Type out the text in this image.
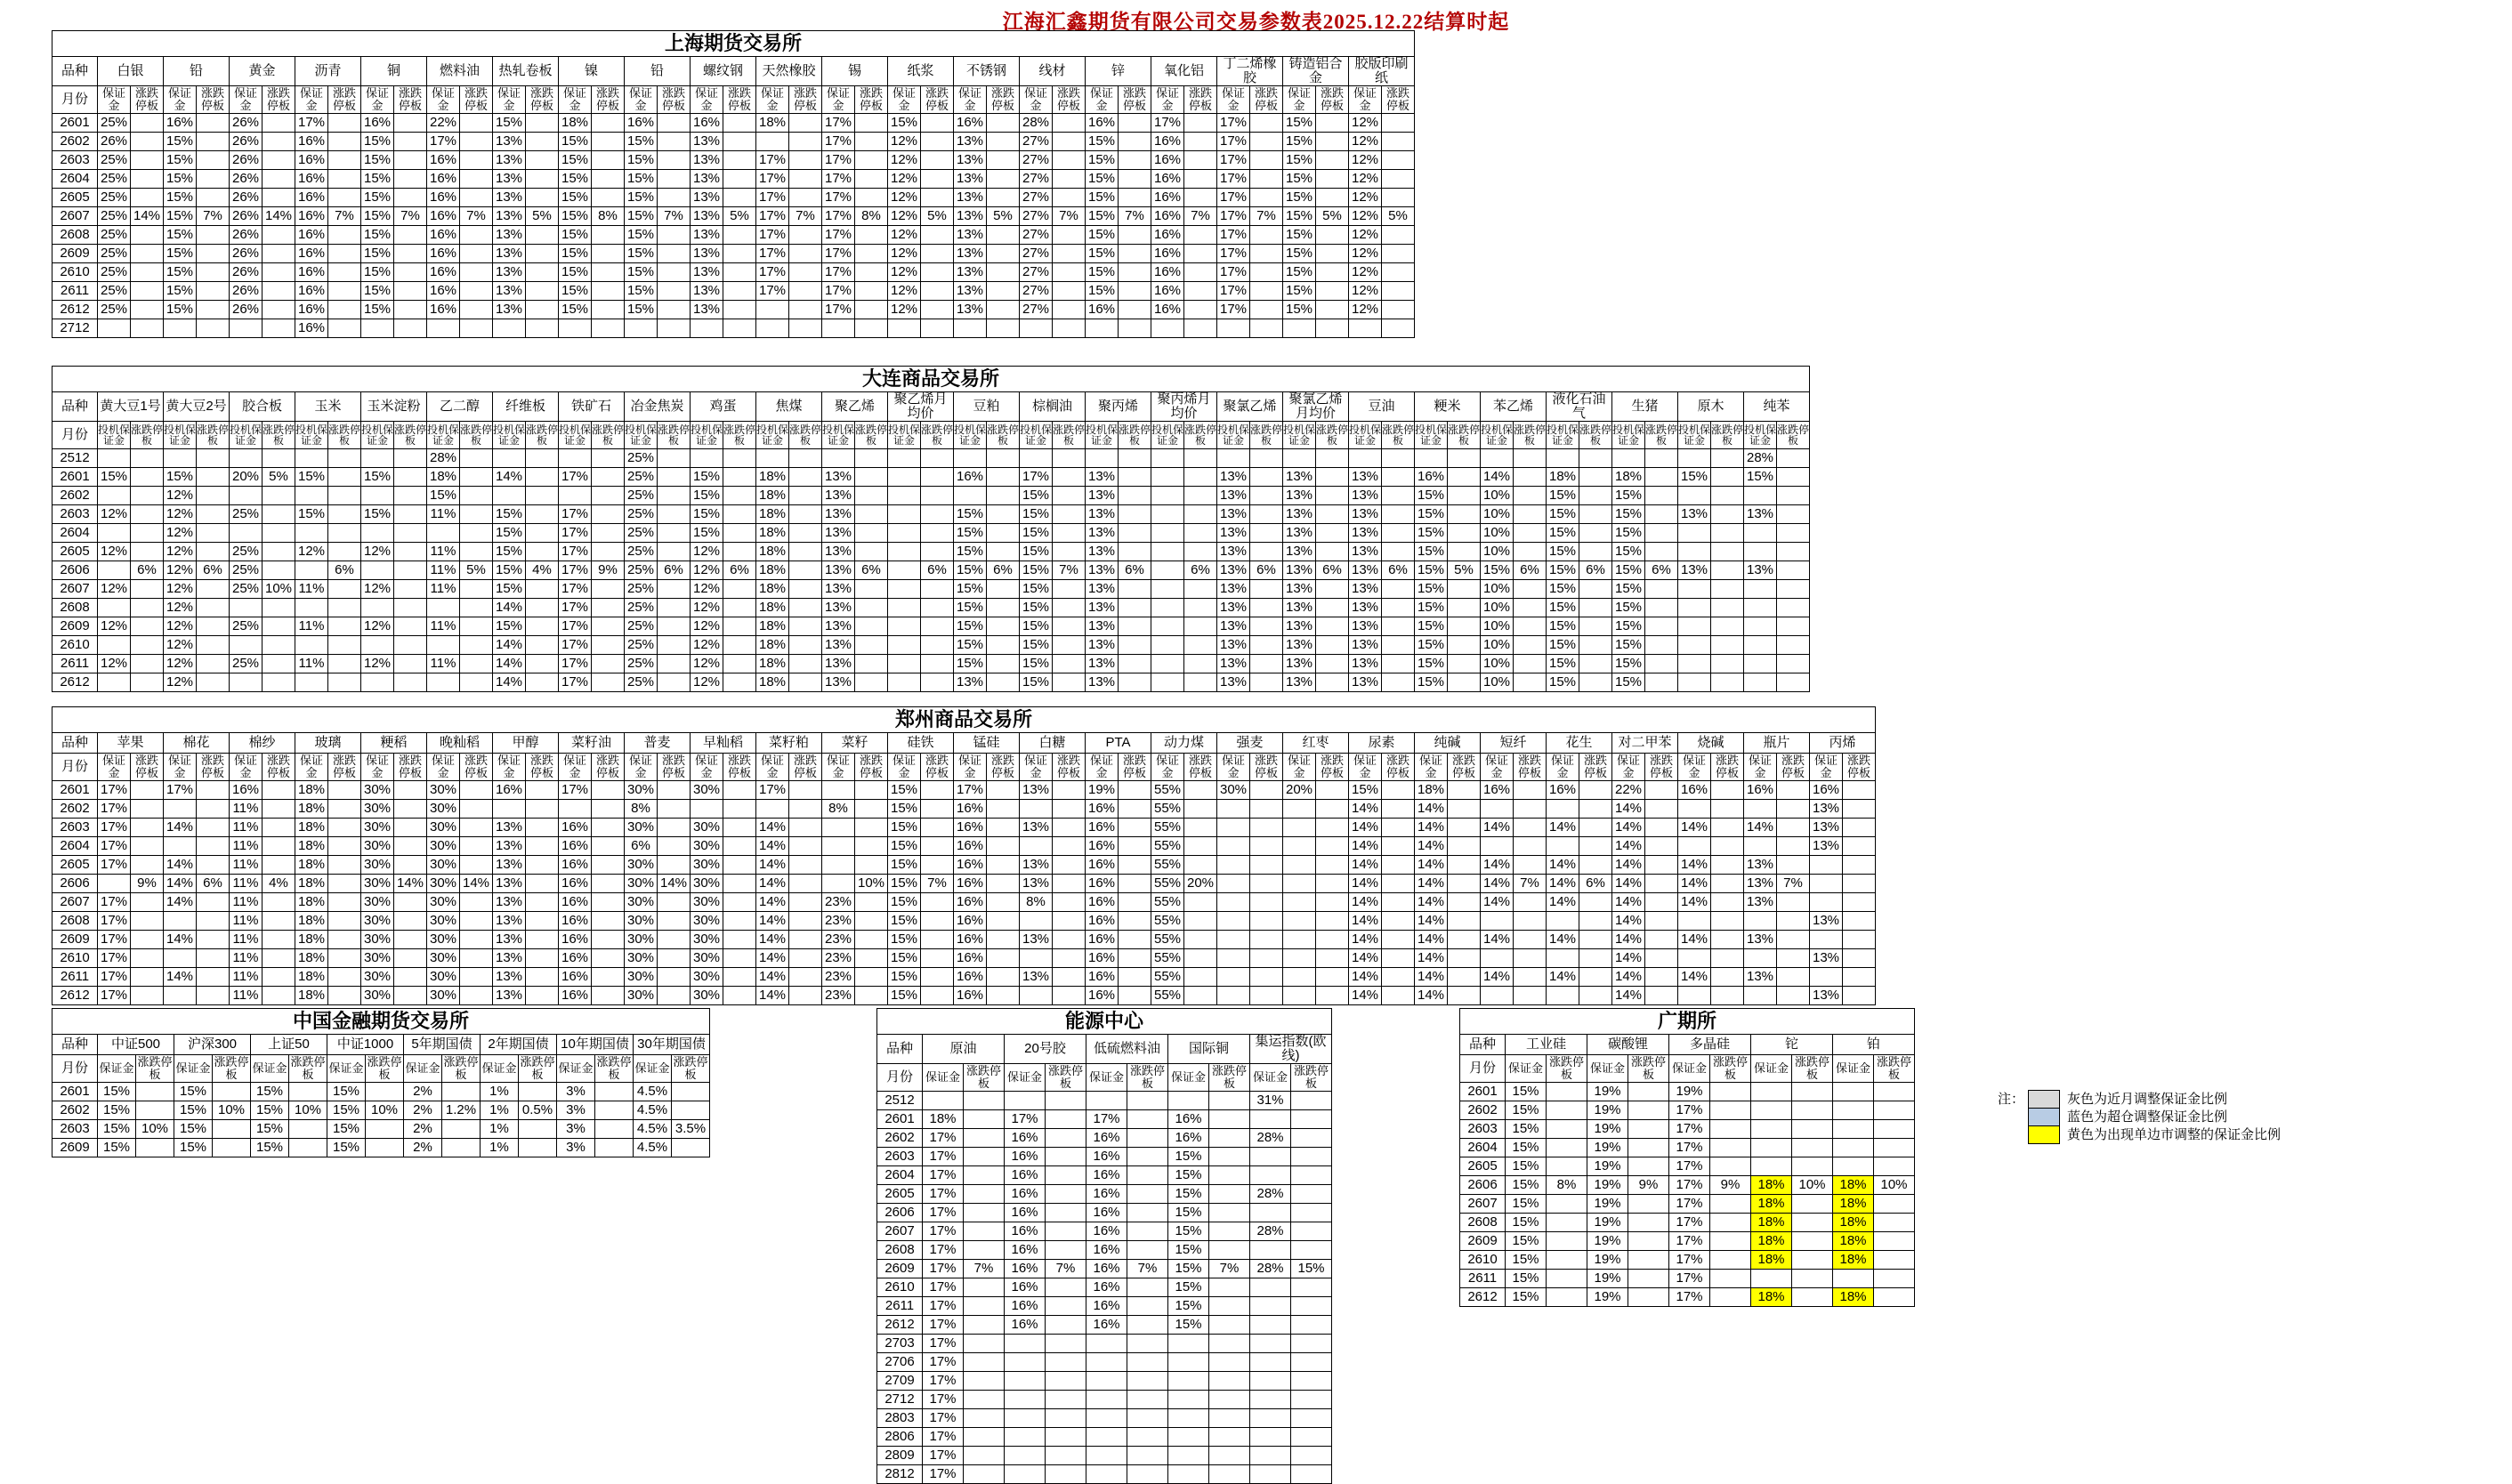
江海汇鑫期货有限公司交易参数表2025.12.22结算时起
上海期货交易所																																								
品种	白银		铅		黄金		沥青		铜		燃料油		热轧卷板		镍		铅		螺纹钢		天然橡胶		锡		纸浆		不锈钢		线材		锌		氧化铝		丁二烯橡胶		铸造铝合金		胶版印刷纸	
月份	保证金	涨跌停板	保证金	涨跌停板	保证金	涨跌停板	保证金	涨跌停板	保证金	涨跌停板	保证金	涨跌停板	保证金	涨跌停板	保证金	涨跌停板	保证金	涨跌停板	保证金	涨跌停板	保证金	涨跌停板	保证金	涨跌停板	保证金	涨跌停板	保证金	涨跌停板	保证金	涨跌停板	保证金	涨跌停板	保证金	涨跌停板	保证金	涨跌停板	保证金	涨跌停板	保证金	涨跌停板
2601	25%		16%		26%		17%		16%		22%		15%		18%		16%		16%		18%		17%		15%		16%		28%		16%		17%		17%		15%		12%	
2602	26%		15%		26%		16%		15%		17%		13%		15%		15%		13%				17%		12%		13%		27%		15%		16%		17%		15%		12%	
2603	25%		15%		26%		16%		15%		16%		13%		15%		15%		13%		17%		17%		12%		13%		27%		15%		16%		17%		15%		12%	
2604	25%		15%		26%		16%		15%		16%		13%		15%		15%		13%		17%		17%		12%		13%		27%		15%		16%		17%		15%		12%	
2605	25%		15%		26%		16%		15%		16%		13%		15%		15%		13%		17%		17%		12%		13%		27%		15%		16%		17%		15%		12%	
2607	25%	14%	15%	7%	26%	14%	16%	7%	15%	7%	16%	7%	13%	5%	15%	8%	15%	7%	13%	5%	17%	7%	17%	8%	12%	5%	13%	5%	27%	7%	15%	7%	16%	7%	17%	7%	15%	5%	12%	5%
2608	25%		15%		26%		16%		15%		16%		13%		15%		15%		13%		17%		17%		12%		13%		27%		15%		16%		17%		15%		12%	
2609	25%		15%		26%		16%		15%		16%		13%		15%		15%		13%		17%		17%		12%		13%		27%		15%		16%		17%		15%		12%	
2610	25%		15%		26%		16%		15%		16%		13%		15%		15%		13%		17%		17%		12%		13%		27%		15%		16%		17%		15%		12%	
2611	25%		15%		26%		16%		15%		16%		13%		15%		15%		13%		17%		17%		12%		13%		27%		15%		16%		17%		15%		12%	
2612	25%		15%		26%		16%		15%		16%		13%		15%		15%		13%				17%		12%		13%		27%		16%		16%		17%		15%		12%	
2712							16%																																	
大连商品交易所																																																				
品种	黄大豆1号		黄大豆2号		胶合板		玉米		玉米淀粉		乙二醇		纤维板		铁矿石		冶金焦炭		鸡蛋		焦煤		聚乙烯		聚乙烯月均价		豆粕		棕榈油		聚丙烯		聚丙烯月均价		聚氯乙烯		聚氯乙烯月均价		豆油		粳米		苯乙烯		液化石油气		生猪		原木		纯苯	
月份	投机保证金	涨跌停板	投机保证金	涨跌停板	投机保证金	涨跌停板	投机保证金	涨跌停板	投机保证金	涨跌停板	投机保证金	涨跌停板	投机保证金	涨跌停板	投机保证金	涨跌停板	投机保证金	涨跌停板	投机保证金	涨跌停板	投机保证金	涨跌停板	投机保证金	涨跌停板	投机保证金	涨跌停板	投机保证金	涨跌停板	投机保证金	涨跌停板	投机保证金	涨跌停板	投机保证金	涨跌停板	投机保证金	涨跌停板	投机保证金	涨跌停板	投机保证金	涨跌停板	投机保证金	涨跌停板	投机保证金	涨跌停板	投机保证金	涨跌停板	投机保证金	涨跌停板	投机保证金	涨跌停板	投机保证金	涨跌停板
2512											28%						25%																																		28%	
2601	15%		15%		20%	5%	15%		15%		18%		14%		17%		25%		15%		18%		13%				16%		17%		13%				13%		13%		13%		16%		14%		18%		18%		15%		15%	
2602			12%								15%						25%		15%		18%		13%						15%		13%				13%		13%		13%		15%		10%		15%		15%					
2603	12%		12%		25%		15%		15%		11%		15%		17%		25%		15%		18%		13%				15%		15%		13%				13%		13%		13%		15%		10%		15%		15%		13%		13%	
2604			12%										15%		17%		25%		15%		18%		13%				15%		15%		13%				13%		13%		13%		15%		10%		15%		15%					
2605	12%		12%		25%		12%		12%		11%		15%		17%		25%		12%		18%		13%				15%		15%		13%				13%		13%		13%		15%		10%		15%		15%					
2606		6%	12%	6%	25%			6%			11%	5%	15%	4%	17%	9%	25%	6%	12%	6%	18%		13%	6%		6%	15%	6%	15%	7%	13%	6%		6%	13%	6%	13%	6%	13%	6%	15%	5%	15%	6%	15%	6%	15%	6%	13%		13%	
2607	12%		12%		25%	10%	11%		12%		11%		15%		17%		25%		12%		18%		13%				15%		15%		13%				13%		13%		13%		15%		10%		15%		15%					
2608			12%										14%		17%		25%		12%		18%		13%				15%		15%		13%				13%		13%		13%		15%		10%		15%		15%					
2609	12%		12%		25%		11%		12%		11%		15%		17%		25%		12%		18%		13%				15%		15%		13%				13%		13%		13%		15%		10%		15%		15%					
2610			12%										14%		17%		25%		12%		18%		13%				15%		15%		13%				13%		13%		13%		15%		10%		15%		15%					
2611	12%		12%		25%		11%		12%		11%		14%		17%		25%		12%		18%		13%				15%		15%		13%				13%		13%		13%		15%		10%		15%		15%					
2612			12%										14%		17%		25%		12%		18%		13%				13%		15%		13%				13%		13%		13%		15%		10%		15%		15%					
郑州商品交易所																																																						
品种	苹果		棉花		棉纱		玻璃		粳稻		晚籼稻		甲醇		菜籽油		普麦		早籼稻		菜籽粕		菜籽		硅铁		锰硅		白糖		PTA		动力煤		强麦		红枣		尿素		纯碱		短纤		花生		对二甲苯		烧碱		瓶片		丙烯	
月份	保证金	涨跌停板	保证金	涨跌停板	保证金	涨跌停板	保证金	涨跌停板	保证金	涨跌停板	保证金	涨跌停板	保证金	涨跌停板	保证金	涨跌停板	保证金	涨跌停板	保证金	涨跌停板	保证金	涨跌停板	保证金	涨跌停板	保证金	涨跌停板	保证金	涨跌停板	保证金	涨跌停板	保证金	涨跌停板	保证金	涨跌停板	保证金	涨跌停板	保证金	涨跌停板	保证金	涨跌停板	保证金	涨跌停板	保证金	涨跌停板	保证金	涨跌停板	保证金	涨跌停板	保证金	涨跌停板	保证金	涨跌停板	保证金	涨跌停板
2601	17%		17%		16%		18%		30%		30%		16%		17%		30%		30%		17%				15%		17%		13%		19%		55%		30%		20%		15%		18%		16%		16%		22%		16%		16%		16%	
2602	17%				11%		18%		30%		30%						8%						8%		15%		16%				16%		55%						14%		14%						14%						13%	
2603	17%		14%		11%		18%		30%		30%		13%		16%		30%		30%		14%				15%		16%		13%		16%		55%						14%		14%		14%		14%		14%		14%		14%		13%	
2604	17%				11%		18%		30%		30%		13%		16%		6%		30%		14%				15%		16%				16%		55%						14%		14%						14%						13%	
2605	17%		14%		11%		18%		30%		30%		13%		16%		30%		30%		14%				15%		16%		13%		16%		55%						14%		14%		14%		14%		14%		14%		13%			
2606		9%	14%	6%	11%	4%	18%		30%	14%	30%	14%	13%		16%		30%	14%	30%		14%			10%	15%	7%	16%		13%		16%		55%	20%					14%		14%		14%	7%	14%	6%	14%		14%		13%	7%		
2607	17%		14%		11%		18%		30%		30%		13%		16%		30%		30%		14%		23%		15%		16%		8%		16%		55%						14%		14%		14%		14%		14%		14%		13%			
2608	17%				11%		18%		30%		30%		13%		16%		30%		30%		14%		23%		15%		16%				16%		55%						14%		14%						14%						13%	
2609	17%		14%		11%		18%		30%		30%		13%		16%		30%		30%		14%		23%		15%		16%		13%		16%		55%						14%		14%		14%		14%		14%		14%		13%			
2610	17%				11%		18%		30%		30%		13%		16%		30%		30%		14%		23%		15%		16%				16%		55%						14%		14%						14%						13%	
2611	17%		14%		11%		18%		30%		30%		13%		16%		30%		30%		14%		23%		15%		16%		13%		16%		55%						14%		14%		14%		14%		14%		14%		13%			
2612	17%				11%		18%		30%		30%		13%		16%		30%		30%		14%		23%		15%		16%				16%		55%						14%		14%						14%						13%	
中国金融期货交易所																
品种	中证500		沪深300		上证50		中证1000		5年期国债		2年期国债		10年期国债		30年期国债	
月份	保证金	涨跌停板	保证金	涨跌停板	保证金	涨跌停板	保证金	涨跌停板	保证金	涨跌停板	保证金	涨跌停板	保证金	涨跌停板	保证金	涨跌停板
2601	15%		15%		15%		15%		2%		1%		3%		4.5%	
2602	15%		15%	10%	15%	10%	15%	10%	2%	1.2%	1%	0.5%	3%		4.5%	
2603	15%	10%	15%		15%		15%		2%		1%		3%		4.5%	3.5%
2609	15%		15%		15%		15%		2%		1%		3%		4.5%	
能源中心										
品种	原油		20号胶		低硫燃料油		国际铜		集运指数(欧线)	
月份	保证金	涨跌停板	保证金	涨跌停板	保证金	涨跌停板	保证金	涨跌停板	保证金	涨跌停板
2512									31%	
2601	18%		17%		17%		16%			
2602	17%		16%		16%		16%		28%	
2603	17%		16%		16%		15%			
2604	17%		16%		16%		15%			
2605	17%		16%		16%		15%		28%	
2606	17%		16%		16%		15%			
2607	17%		16%		16%		15%		28%	
2608	17%		16%		16%		15%			
2609	17%	7%	16%	7%	16%	7%	15%	7%	28%	15%
2610	17%		16%		16%		15%			
2611	17%		16%		16%		15%			
2612	17%		16%		16%		15%			
2703	17%									
2706	17%									
2709	17%									
2712	17%									
2803	17%									
2806	17%									
2809	17%									
2812	17%									
广期所										
品种	工业硅		碳酸锂		多晶硅		铊		铂	
月份	保证金	涨跌停板	保证金	涨跌停板	保证金	涨跌停板	保证金	涨跌停板	保证金	涨跌停板
2601	15%		19%		19%					
2602	15%		19%		17%					
2603	15%		19%		17%					
2604	15%		19%		17%					
2605	15%		19%		17%					
2606	15%	8%	19%	9%	17%	9%	18%	10%	18%	10%
2607	15%		19%		17%		18%		18%	
2608	15%		19%		17%		18%		18%	
2609	15%		19%		17%		18%		18%	
2610	15%		19%		17%		18%		18%	
2611	15%		19%		17%					
2612	15%		19%		17%		18%		18%	
注：		灰色为近月调整保证金比例
		蓝色为超仓调整保证金比例
		黄色为出现单边市调整的保证金比例
